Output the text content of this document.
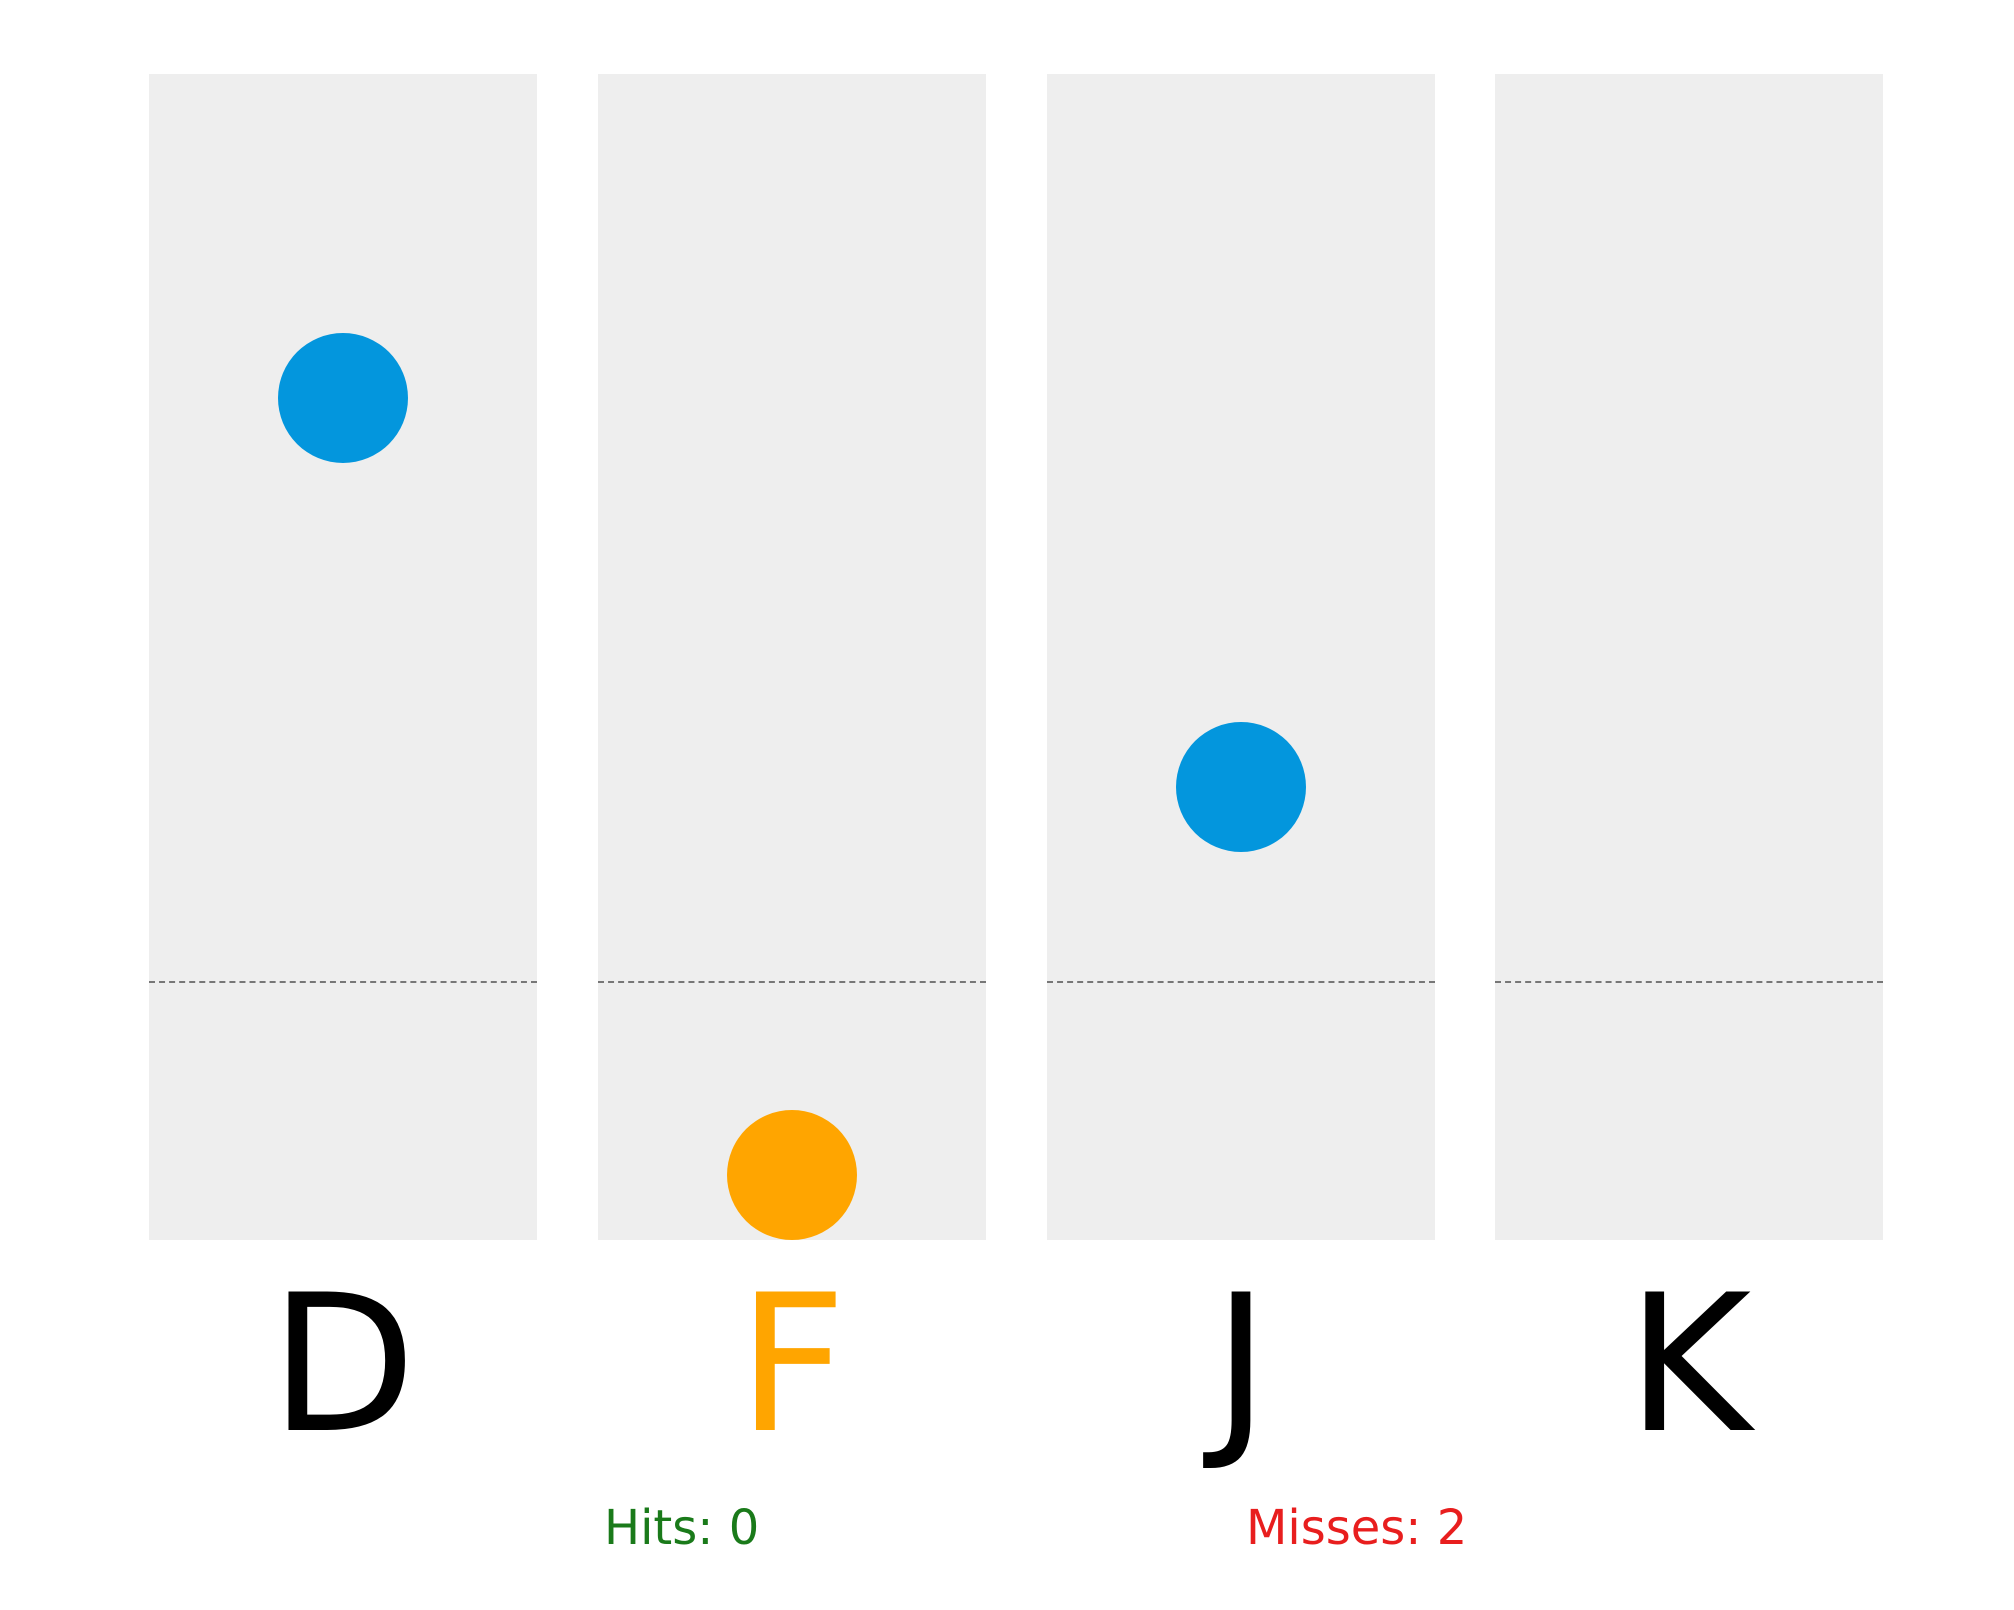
D	F	J	K
Hits: 0	Misses: 2
